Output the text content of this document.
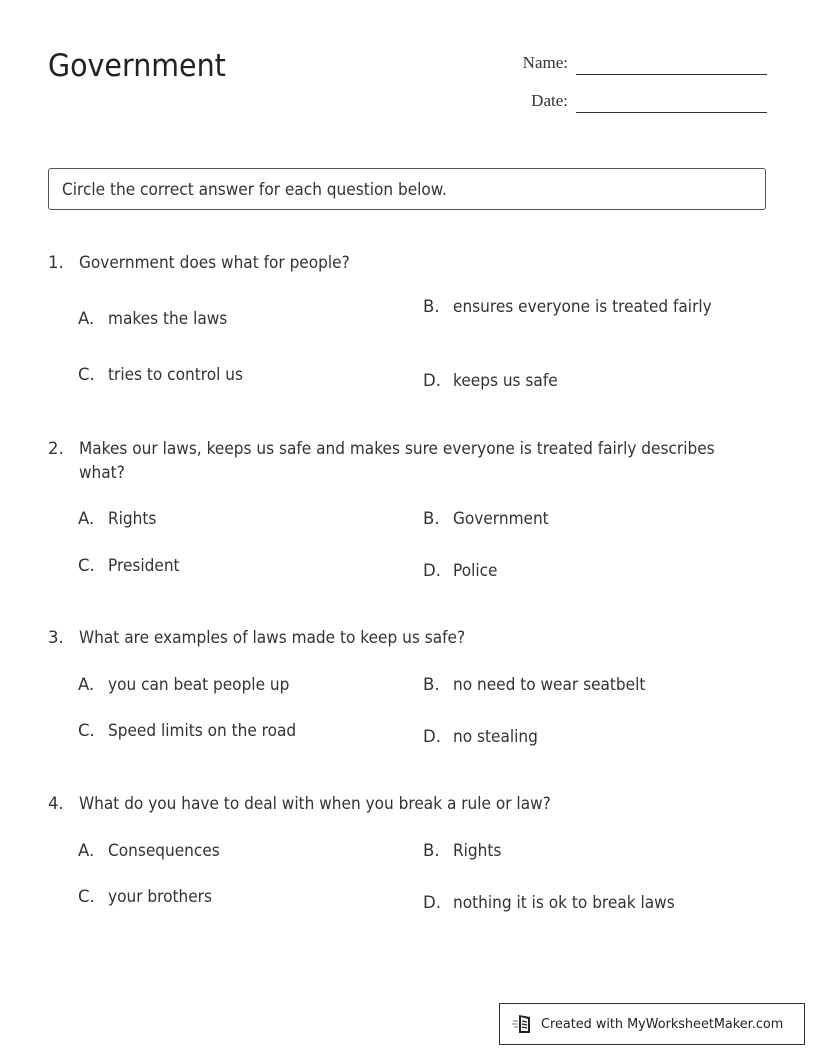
Government	Name:
Date:
Circle the correct answer for each question below.
1. Government does what for people?
A. makes the laws
B. ensures everyone is treated fairly
C. tries to control us	D. keeps us safe
2. Makes our laws, keeps us safe and makes sure everyone is treated fairly describes what?
A. Rights	B. Government
C. President	D. Police
3. What are examples of laws made to keep us safe?
A. you can beat people up	B. no need to wear seatbelt
C. Speed limits on the road	D. no stealing
4. What do you have to deal with when you break a rule or law?
A. Consequences	B. Rights
C. your brothers	D. nothing it is ok to break laws
Created with MyWorksheetMaker.com
